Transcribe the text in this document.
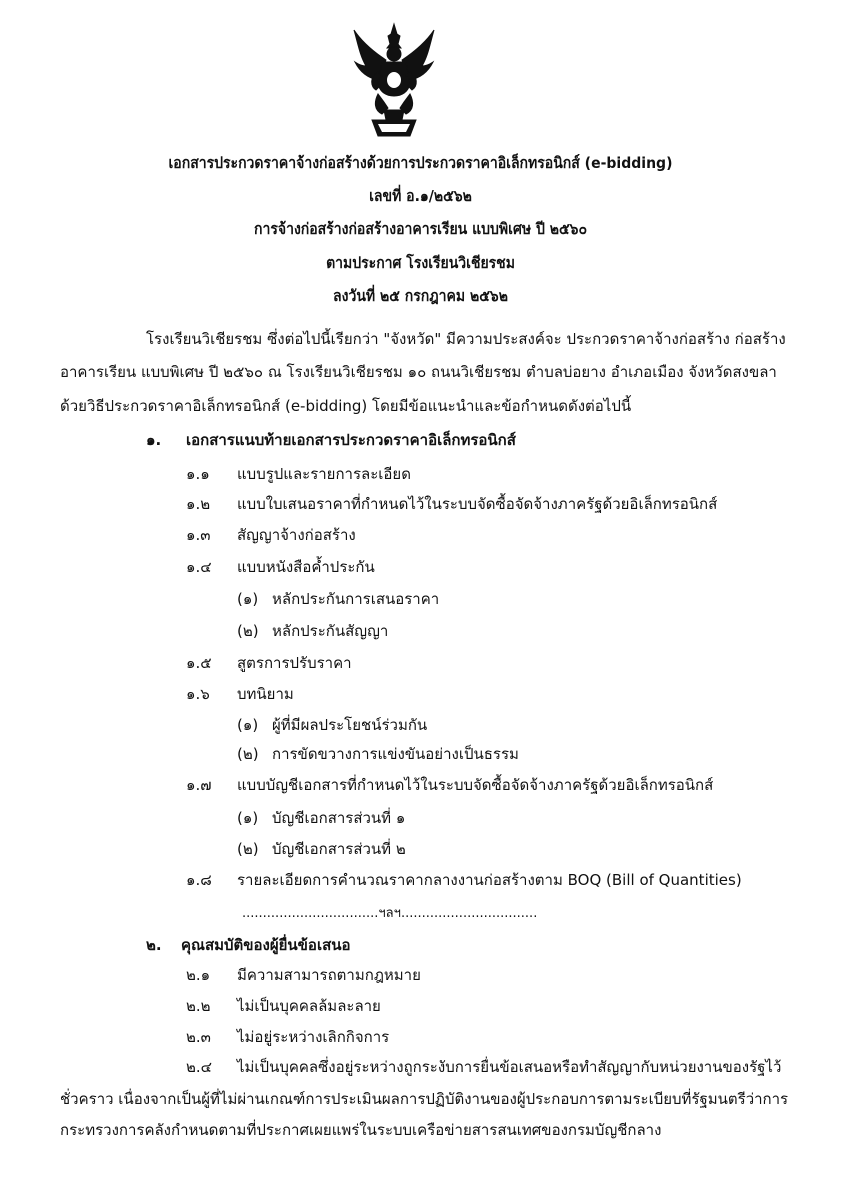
เอกสารประกวดราคาจ้างก่อสร้างด้วยการประกวดราคาอิเล็กทรอนิกส์ (e-bidding)
เลขที่ อ.๑/๒๕๖๒
การจ้างก่อสร้างก่อสร้างอาคารเรียน แบบพิเศษ ปี ๒๕๖๐
ตามประกาศ โรงเรียนวิเชียรชม
ลงวันที่ ๒๕ กรกฎาคม ๒๕๖๒
โรงเรียนวิเชียรชม ซึ่งต่อไปนี้เรียกว่า "จังหวัด" มีความประสงค์จะ ประกวดราคาจ้างก่อสร้าง ก่อสร้าง
อาคารเรียน แบบพิเศษ ปี ๒๕๖๐ ณ โรงเรียนวิเชียรชม ๑๐ ถนนวิเชียรชม ตำบลบ่อยาง อำเภอเมือง จังหวัดสงขลา
ด้วยวิธีประกวดราคาอิเล็กทรอนิกส์ (e-bidding) โดยมีข้อแนะนำและข้อกำหนดดังต่อไปนี้
๑. เอกสารแนบท้ายเอกสารประกวดราคาอิเล็กทรอนิกส์
๑.๑ แบบรูปและรายการละเอียด
๑.๒ แบบใบเสนอราคาที่กำหนดไว้ในระบบจัดซื้อจัดจ้างภาครัฐด้วยอิเล็กทรอนิกส์
๑.๓ สัญญาจ้างก่อสร้าง
๑.๔ แบบหนังสือค้ำประกัน
(๑) หลักประกันการเสนอราคา
(๒) หลักประกันสัญญา
๑.๕ สูตรการปรับราคา
๑.๖ บทนิยาม
(๑) ผู้ที่มีผลประโยชน์ร่วมกัน
(๒) การขัดขวางการแข่งขันอย่างเป็นธรรม
๑.๗ แบบบัญชีเอกสารที่กำหนดไว้ในระบบจัดซื้อจัดจ้างภาครัฐด้วยอิเล็กทรอนิกส์
(๑) บัญชีเอกสารส่วนที่ ๑
(๒) บัญชีเอกสารส่วนที่ ๒
๑.๘ รายละเอียดการคำนวณราคากลางงานก่อสร้างตาม BOQ (Bill of Quantities)
.................................ฯลฯ.................................
๒. คุณสมบัติของผู้ยื่นข้อเสนอ
๒.๑ มีความสามารถตามกฎหมาย
๒.๒ ไม่เป็นบุคคลล้มละลาย
๒.๓ ไม่อยู่ระหว่างเลิกกิจการ
๒.๔ ไม่เป็นบุคคลซึ่งอยู่ระหว่างถูกระงับการยื่นข้อเสนอหรือทำสัญญากับหน่วยงานของรัฐไว้
ชั่วคราว เนื่องจากเป็นผู้ที่ไม่ผ่านเกณฑ์การประเมินผลการปฏิบัติงานของผู้ประกอบการตามระเบียบที่รัฐมนตรีว่าการ
กระทรวงการคลังกำหนดตามที่ประกาศเผยแพร่ในระบบเครือข่ายสารสนเทศของกรมบัญชีกลาง
